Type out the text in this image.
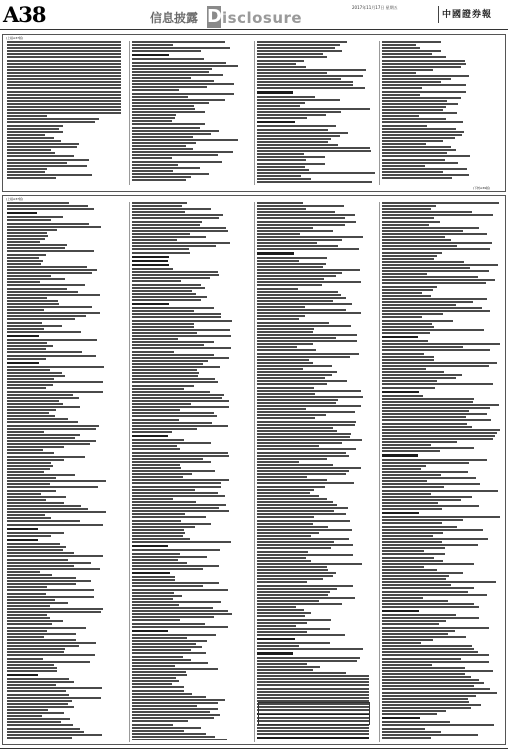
A38	信息披露 D isclosure
2017年11月17日 星期五
中國證券報
(上接A37版)
(下转A39版)
(上接A37版)
